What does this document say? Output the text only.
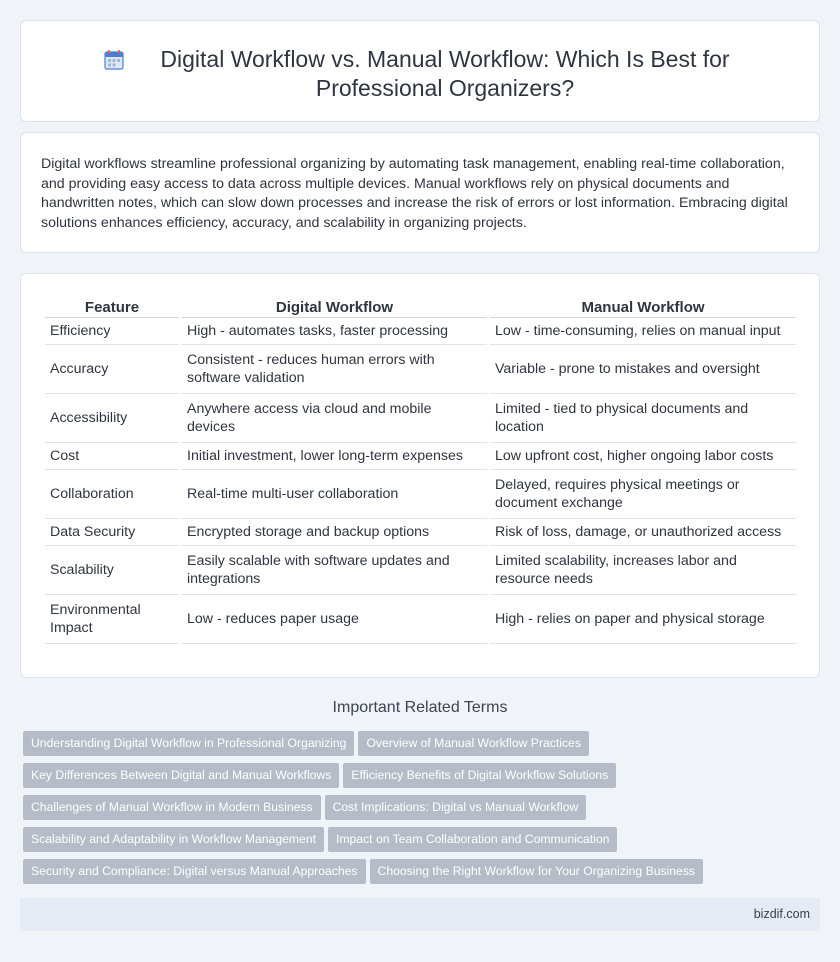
Digital Workflow vs. Manual Workflow: Which Is Best for Professional Organizers?

Digital workflows streamline professional organizing by automating task management, enabling real-time collaboration, and providing easy access to data across multiple devices. Manual workflows rely on physical documents and handwritten notes, which can slow down processes and increase the risk of errors or lost information. Embracing digital solutions enhances efficiency, accuracy, and scalability in organizing projects.

Feature	Digital Workflow	Manual Workflow
Efficiency	High - automates tasks, faster processing	Low - time-consuming, relies on manual input
Accuracy	Consistent - reduces human errors with software validation	Variable - prone to mistakes and oversight
Accessibility	Anywhere access via cloud and mobile devices	Limited - tied to physical documents and location
Cost	Initial investment, lower long-term expenses	Low upfront cost, higher ongoing labor costs
Collaboration	Real-time multi-user collaboration	Delayed, requires physical meetings or document exchange
Data Security	Encrypted storage and backup options	Risk of loss, damage, or unauthorized access
Scalability	Easily scalable with software updates and integrations	Limited scalability, increases labor and resource needs
Environmental Impact	Low - reduces paper usage	High - relies on paper and physical storage
Important Related Terms
Understanding Digital Workflow in Professional Organizing Overview of Manual Workflow Practices
Key Differences Between Digital and Manual Workflows Efficiency Benefits of Digital Workflow Solutions
Challenges of Manual Workflow in Modern Business Cost Implications: Digital vs Manual Workflow
Scalability and Adaptability in Workflow Management Impact on Team Collaboration and Communication
Security and Compliance: Digital versus Manual Approaches Choosing the Right Workflow for Your Organizing Business
bizdif.com
